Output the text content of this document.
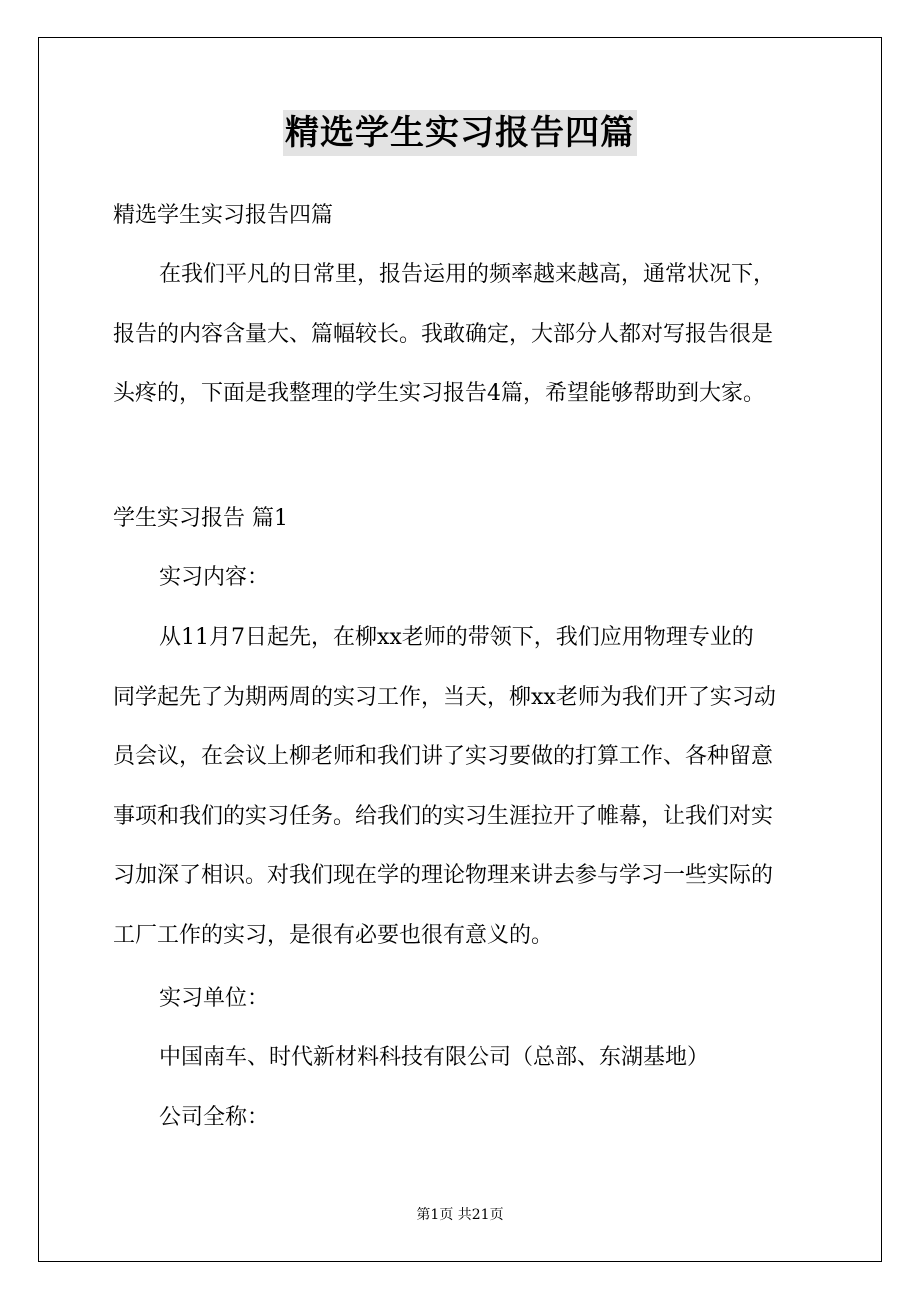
精选学生实习报告四篇
精选学生实习报告四篇
在我们平凡的日常里，报告运用的频率越来越高，通常状况下，
报告的内容含量大、篇幅较长。我敢确定，大部分人都对写报告很是
头疼的，下面是我整理的学生实习报告4篇，希望能够帮助到大家。
学生实习报告 篇1
实习内容：
从11月7日起先，在柳xx老师的带领下，我们应用物理专业的
同学起先了为期两周的实习工作，当天，柳xx老师为我们开了实习动
员会议，在会议上柳老师和我们讲了实习要做的打算工作、各种留意
事项和我们的实习任务。给我们的实习生涯拉开了帷幕，让我们对实
习加深了相识。对我们现在学的理论物理来讲去参与学习一些实际的
工厂工作的实习，是很有必要也很有意义的。
实习单位：
中国南车、时代新材料科技有限公司（总部、东湖基地）
公司全称：
第1页 共21页
